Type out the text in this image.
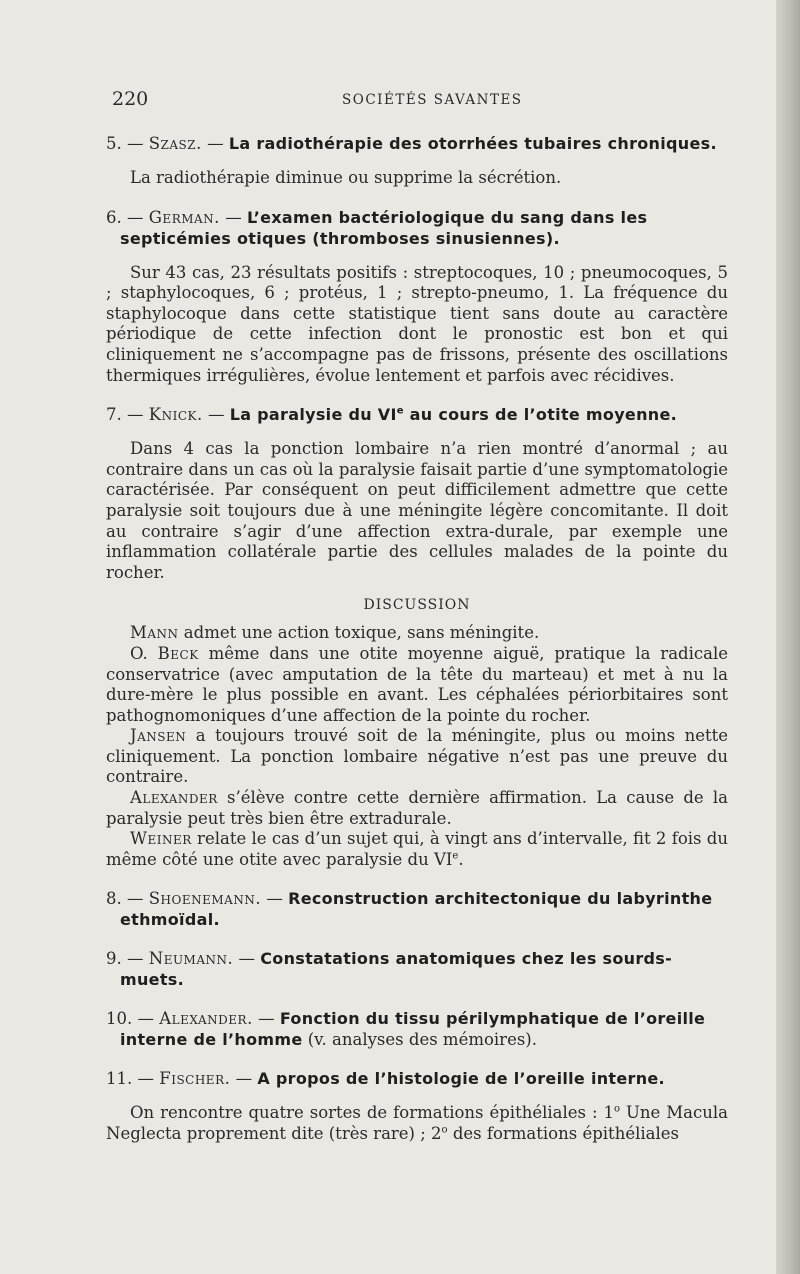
220	SOCIÉTÉS SAVANTES
5. — Szasz. — La radiothérapie des otorrhées tubaires chroniques.

La radiothérapie diminue ou supprime la sécrétion.

6. — German. — L’examen bactériologique du sang dans les septicémies otiques (thromboses sinusiennes).

Sur 43 cas, 23 résultats positifs : streptocoques, 10 ; pneumocoques, 5 ; staphylocoques, 6 ; protéus, 1 ; strepto-pneumo, 1. La fréquence du staphylocoque dans cette statistique tient sans doute au caractère périodique de cette infection dont le pronostic est bon et qui cliniquement ne s’accompagne pas de frissons, présente des oscillations thermiques irrégulières, évolue lentement et parfois avec récidives.

7. — Knick. — La paralysie du VIe au cours de l’otite moyenne.

Dans 4 cas la ponction lombaire n’a rien montré d’anormal ; au contraire dans un cas où la paralysie faisait partie d’une symptomatologie caractérisée. Par conséquent on peut difficilement admettre que cette paralysie soit toujours due à une méningite légère concomitante. Il doit au contraire s’agir d’une affection extra-durale, par exemple une inflammation collatérale partie des cellules malades de la pointe du rocher.

DISCUSSION

Mann admet une action toxique, sans méningite.

O. Beck même dans une otite moyenne aiguë, pratique la radicale conservatrice (avec amputation de la tête du marteau) et met à nu la dure-mère le plus possible en avant. Les céphalées périorbitaires sont pathognomoniques d’une affection de la pointe du rocher.

Jansen a toujours trouvé soit de la méningite, plus ou moins nette cliniquement. La ponction lombaire négative n’est pas une preuve du contraire.

Alexander s’élève contre cette dernière affirmation. La cause de la paralysie peut très bien être extradurale.

Weiner relate le cas d’un sujet qui, à vingt ans d’intervalle, fit 2 fois du même côté une otite avec paralysie du VIe.

8. — Shoenemann. — Reconstruction architectonique du labyrinthe ethmoïdal.
9. — Neumann. — Constatations anatomiques chez les sourds-muets.
10. — Alexander. — Fonction du tissu périlymphatique de l’oreille interne de l’homme (v. analyses des mémoires).
11. — Fischer. — A propos de l’histologie de l’oreille interne.

On rencontre quatre sortes de formations épithéliales : 1$^o$ Une Macula Neglecta proprement dite (très rare) ; 2$^o$ des formations épithéliales
